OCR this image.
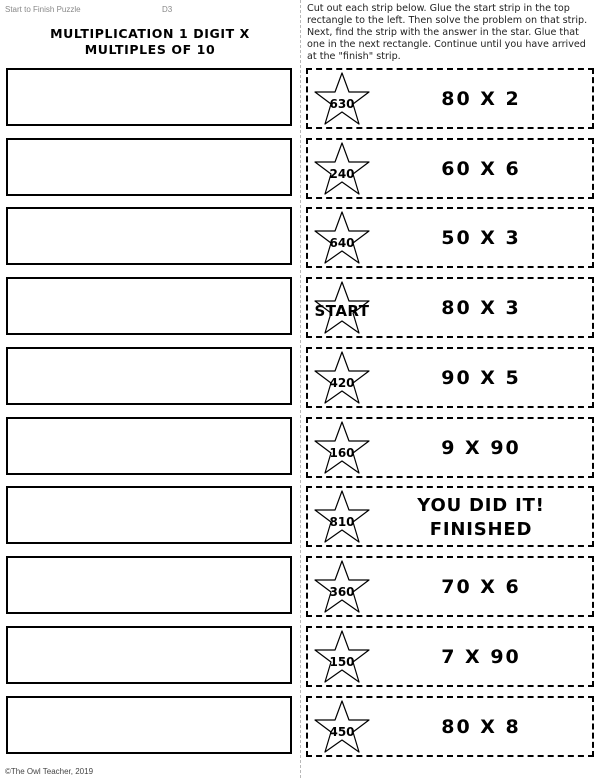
Start to Finish Puzzle	D3
MULTIPLICATION 1 DIGIT X
MULTIPLES OF 10
Cut out each strip below. Glue the start strip in the top rectangle to the left. Then solve the problem on that strip. Next, find the strip with the answer in the star. Glue that one in the next rectangle. Continue until you have arrived at the "finish" strip.
630	80 X 2
240	60 X 6
640	50 X 3
START	80 X 3
420	90 X 5
160	9 X 90
810
YOU DID IT!
FINISHED
360	70 X 6
150	7 X 90
450	80 X 8
©The Owl Teacher, 2019
